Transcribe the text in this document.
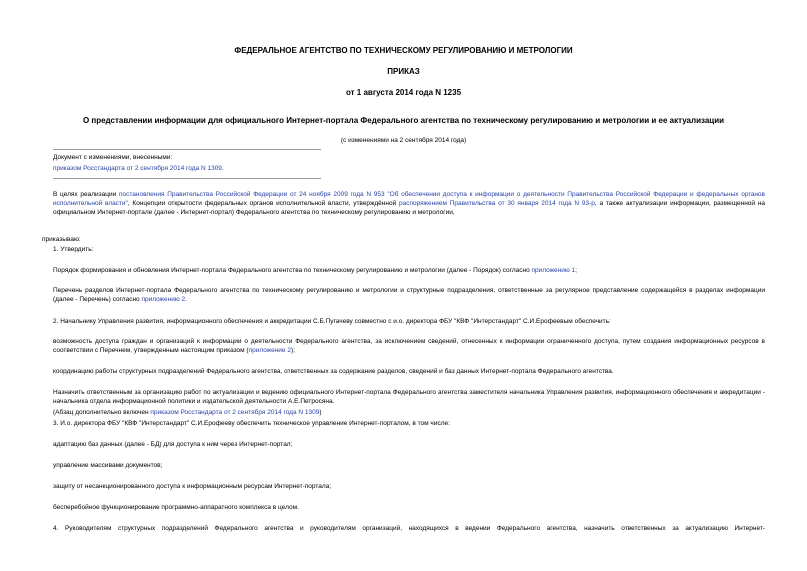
ФЕДЕРАЛЬНОЕ АГЕНТСТВО ПО ТЕХНИЧЕСКОМУ РЕГУЛИРОВАНИЮ И МЕТРОЛОГИИ
ПРИКАЗ
от 1 августа 2014 года N 1235
О представлении информации для официального Интернет-портала Федерального агентства по техническому регулированию и метрологии и ее актуализации
(с изменениями на 2 сентября 2014 года)
Документ с изменениями, внесенными:
приказом Росстандарта от 2 сентября 2014 года N 1309.
В целях реализации постановления Правительства Российской Федерации от 24 ноября 2009 года N 953 "Об обеспечении доступа к информации о деятельности Правительства Российской Федерации и федеральных органов исполнительной власти", Концепции открытости федеральных органов исполнительной власти, утверждённой распоряжением Правительства от 30 января 2014 года N 93-р, а также актуализации информации, размещенной на официальном Интернет-портале (далее - Интернет-портал) Федерального агентства по техническому регулированию и метрологии,
приказываю:
1. Утвердить:
Порядок формирования и обновления Интернет-портала Федерального агентства по техническому регулированию и метрологии (далее - Порядок) согласно приложению 1;
Перечень разделов Интернет-портала Федерального агентства по техническому регулированию и метрологии и структурные подразделения, ответственные за регулярное представление содержащейся в разделах информации (далее - Перечень) согласно приложению 2.
2. Начальнику Управления развития, информационного обеспечения и аккредитации С.Б.Пугачеву совместно с и.о. директора ФБУ "КВФ "Интерстандарт" С.И.Ерофеевым обеспечить:
возможность доступа граждан и организаций к информации о деятельности Федерального агентства, за исключением сведений, отнесенных к информации ограниченного доступа, путем создания информационных ресурсов в соответствии с Перечнем, утвержденным настоящим приказом (приложение 2);
координацию работы структурных подразделений Федерального агентства, ответственных за содержание разделов, сведений и баз данных Интернет-портала Федерального агентства.
Назначить ответственным за организацию работ по актуализации и ведению официального Интернет-портала Федерального агентства заместителя начальника Управления развития, информационного обеспечения и аккредитации - начальника отдела информационной политики и издательской деятельности А.Е.Петросяна.
(Абзац дополнительно включен приказом Росстандарта от 2 сентября 2014 года N 1309)
3. И.о. директора ФБУ "КВФ "Интерстандарт" С.И.Ерофееву обеспечить техническое управление Интернет-порталом, в том числе:
адаптацию баз данных (далее - БД) для доступа к ним через Интернет-портал;
управление массивами документов;
защиту от несанкционированного доступа к информационным ресурсам Интернет-портала;
бесперебойное функционирование программно-аппаратного комплекса в целом.
4. Руководителям структурных подразделений Федерального агентства и руководителям организаций, находящихся в ведении Федерального агентства, назначить ответственных за актуализацию Интернет-
